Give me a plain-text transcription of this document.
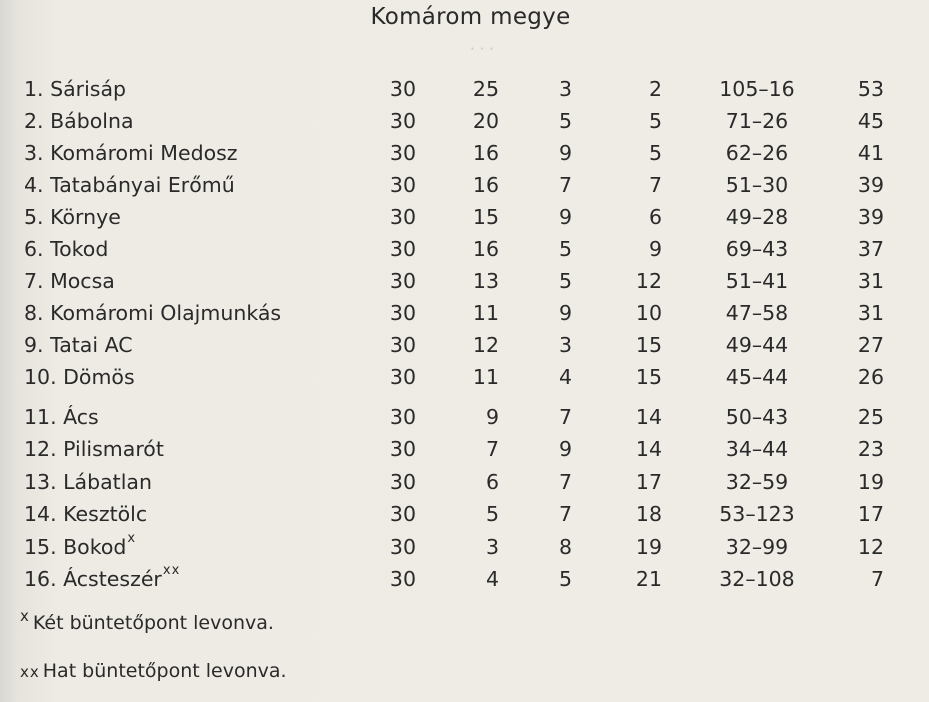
· · ·
Komárom megye
1. Sárisáp	30	25	3	2	105–16	53
2. Bábolna	30	20	5	5	71–26	45
3. Komáromi Medosz	30	16	9	5	62–26	41
4. Tatabányai Erőmű	30	16	7	7	51–30	39
5. Környe	30	15	9	6	49–28	39
6. Tokod	30	16	5	9	69–43	37
7. Mocsa	30	13	5	12	51–41	31
8. Komáromi Olajmunkás	30	11	9	10	47–58	31
9. Tatai AC	30	12	3	15	49–44	27
10. Dömös	30	11	4	15	45–44	26
11. Ács	30	9	7	14	50–43	25
12. Pilismarót	30	7	9	14	34–44	23
13. Lábatlan	30	6	7	17	32–59	19
14. Kesztölc	30	5	7	18	53–123	17
15. Bokod$^x$	30	3	8	19	32–99	12
16. Ácsteszér$^{xx}$	30	4	5	21	32–108	7
$^x$ Két büntetőpont levonva.
xx Hat büntetőpont levonva.
